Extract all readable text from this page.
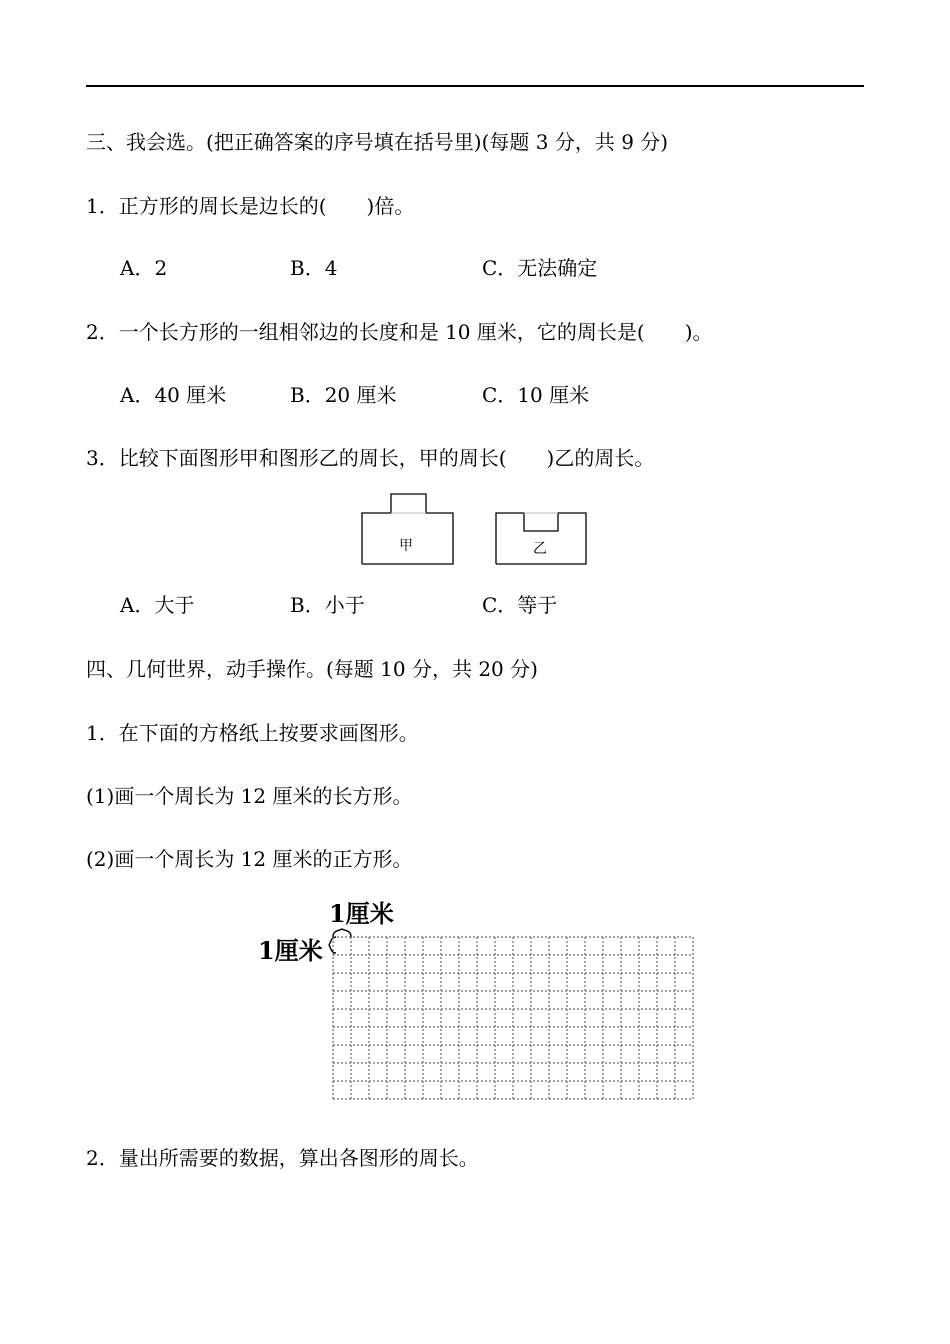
三、我会选。(把正确答案的序号填在括号里)(每题 3 分，共 9 分)
1．正方形的周长是边长的(　　)倍。
A．2	B．4	C．无法确定
2．一个长方形的一组相邻边的长度和是 10 厘米，它的周长是(　　)。
A．40 厘米	B．20 厘米	C．10 厘米
3．比较下面图形甲和图形乙的周长，甲的周长(　　)乙的周长。
甲	乙
A．大于	B．小于	C．等于
四、几何世界，动手操作。(每题 10 分，共 20 分)
1．在下面的方格纸上按要求画图形。
(1)画一个周长为 12 厘米的长方形。
(2)画一个周长为 12 厘米的正方形。
1厘米
1厘米
2．量出所需要的数据，算出各图形的周长。
